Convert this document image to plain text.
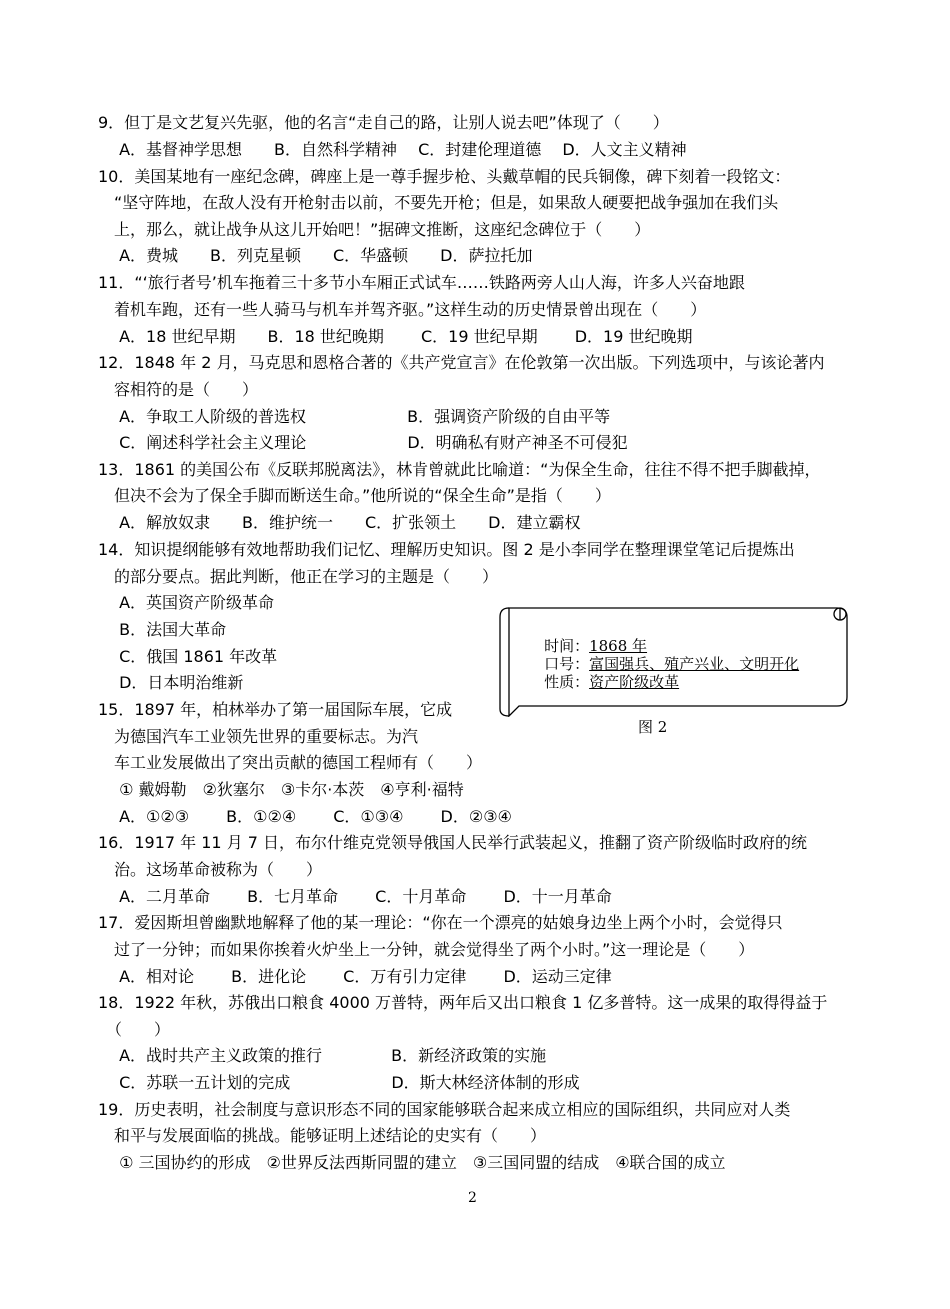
9．但丁是文艺复兴先驱，他的名言“走自己的路，让别人说去吧”体现了（　　）
　 A．基督神学思想　　B．自然科学精神　 C．封建伦理道德　 D．人文主义精神
10．美国某地有一座纪念碑，碑座上是一尊手握步枪、头戴草帽的民兵铜像，碑下刻着一段铭文：
　“坚守阵地，在敌人没有开枪射击以前，不要先开枪；但是，如果敌人硬要把战争强加在我们头
　上，那么，就让战争从这儿开始吧！”据碑文推断，这座纪念碑位于（　　）
　 A．费城　　B．列克星顿　　C．华盛顿　　D．萨拉托加
11．“‘旅行者号’机车拖着三十多节小车厢正式试车……铁路两旁人山人海，许多人兴奋地跟
　着机车跑，还有一些人骑马与机车并驾齐驱。”这样生动的历史情景曾出现在（　　）
　 A．18 世纪早期　　B．18 世纪晚期　　 C．19 世纪早期　　 D．19 世纪晚期
12．1848 年 2 月，马克思和恩格合著的《共产党宣言》在伦敦第一次出版。下列选项中，与该论著内
　容相符的是（　　）
　 A．争取工人阶级的普选权　　　　　　 B．强调资产阶级的自由平等
　 C．阐述科学社会主义理论　　　　　　 D．明确私有财产神圣不可侵犯
13．1861 的美国公布《反联邦脱离法》，林肯曾就此比喻道：“为保全生命，往往不得不把手脚截掉，
　但决不会为了保全手脚而断送生命。”他所说的“保全生命”是指（　　）
　 A．解放奴隶　　B．维护统一　　C．扩张领土　　D．建立霸权
14．知识提纲能够有效地帮助我们记忆、理解历史知识。图 2 是小李同学在整理课堂笔记后提炼出
　的部分要点。据此判断，他正在学习的主题是（　　）
　 A．英国资产阶级革命
　 B．法国大革命
　 C．俄国 1861 年改革
　 D．日本明治维新

时间：1868 年

口号：富国强兵、殖产兴业、文明开化

性质：资产阶级改革

图 2
15．1897 年，柏林举办了第一届国际车展，它成
　为德国汽车工业领先世界的重要标志。为汽
　车工业发展做出了突出贡献的德国工程师有（　　）
　 ① 戴姆勒　②狄塞尔　③卡尔·本茨　④亨利·福特
　 A．①②③　　 B．①②④　　 C．①③④　　 D．②③④
16．1917 年 11 月 7 日，布尔什维克党领导俄国人民举行武装起义，推翻了资产阶级临时政府的统
　治。这场革命被称为（　　）
　 A．二月革命　　 B．七月革命　　 C．十月革命　　 D．十一月革命
17．爱因斯坦曾幽默地解释了他的某一理论：“你在一个漂亮的姑娘身边坐上两个小时，会觉得只
　过了一分钟；而如果你挨着火炉坐上一分钟，就会觉得坐了两个小时。”这一理论是（　　）
　 A．相对论　　 B．进化论　　 C．万有引力定律　　 D．运动三定律
18．1922 年秋，苏俄出口粮食 4000 万普特，两年后又出口粮食 1 亿多普特。这一成果的取得得益于
　（　　）
　 A．战时共产主义政策的推行　　　　 B．新经济政策的实施
　 C．苏联一五计划的完成　　　　　　 D．斯大林经济体制的形成
19．历史表明，社会制度与意识形态不同的国家能够联合起来成立相应的国际组织，共同应对人类
　和平与发展面临的挑战。能够证明上述结论的史实有（　　）
　 ① 三国协约的形成　②世界反法西斯同盟的建立　③三国同盟的结成　④联合国的成立
2
